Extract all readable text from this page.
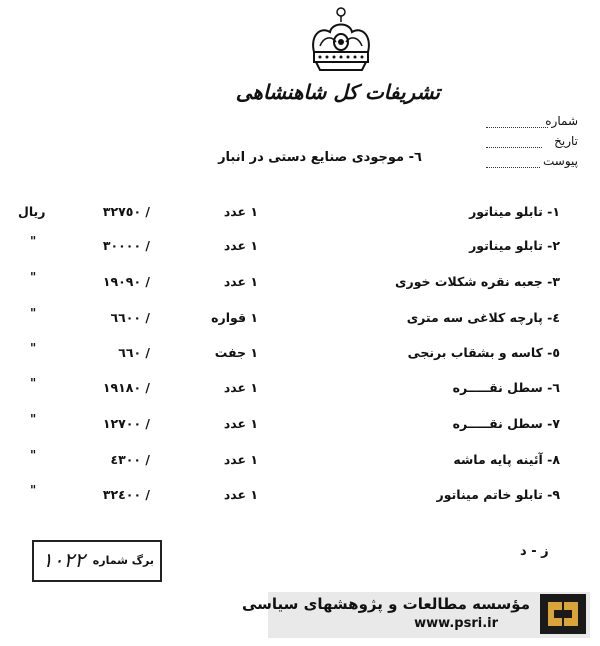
تشریفات کل شاهنشاهی
شماره
تاریخ
پیوست
٦- موجودی صنایع دستی در انبار
١- تابلو میناتور
١ عدد
٣٢٧٥٠ /
ریال
٢- تابلو میناتور
١ عدد
٣٠٠٠٠ /
"
٣- جعبه نقره شکلات خوری
١ عدد
١٩٠٩٠ /
"
٤- پارچه کلاغی سه متری
١ قواره
٦٦٠٠ /
"
٥- کاسه و بشقاب برنجی
١ جفت
٦٦٠ /
"
٦- سطل نقـــــره
١ عدد
١٩١٨٠ /
"
٧- سطل نقـــــره
١ عدد
١٢٧٠٠ /
"
٨- آئینه پایه ماشه
١ عدد
٤٣٠٠ /
"
٩- تابلو خاتم میناتور
١ عدد
٣٢٤٠٠ /
"
ز - د
برگ شماره
١٠٢٢
مؤسسه مطالعات و پژوهشهای سیاسی
www.psri.ir
